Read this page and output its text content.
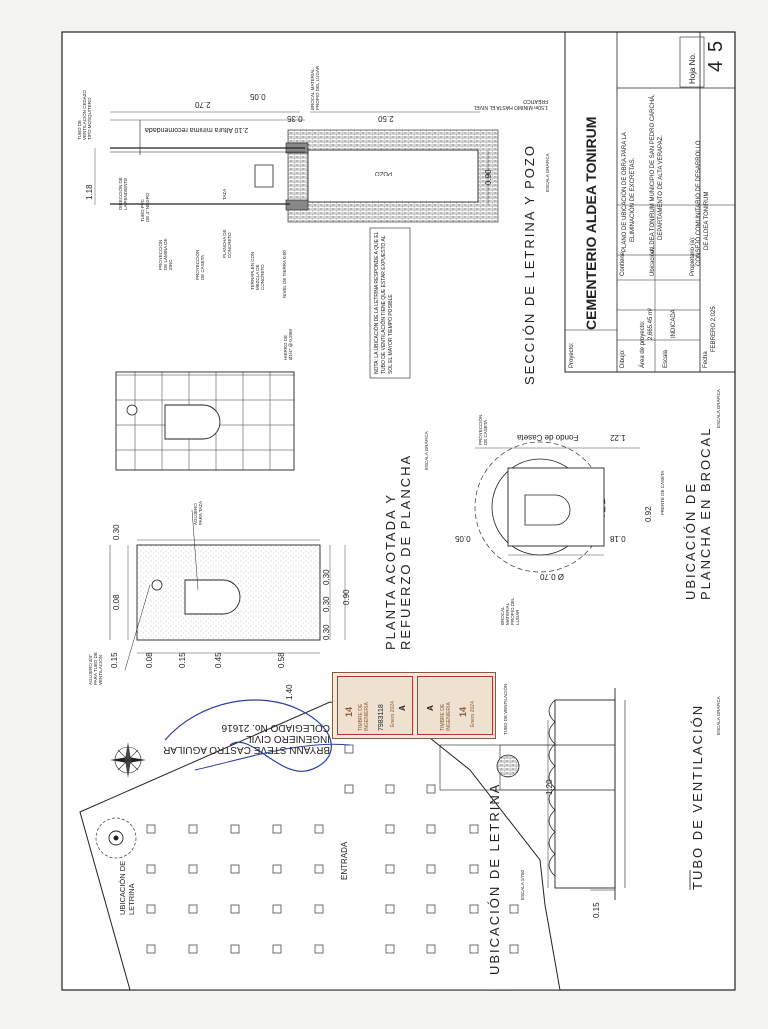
CEMENTERIO ALDEA TONIRUM
Proyecto:	Dibujo:
Contiene
PLANO DE UBICACIÓN DE OBRA PARA LA ELIMINACIÓN DE EXCRETAS.
Área de proyecto: 2,665.45 m²
Ubicación:
ALDEA TONIRUM MUNICIPIO DE SAN PEDRO CARCHÁ, DEPARTAMENTO DE ALTA VERAPAZ.
Escala
INDICADA
Propietario (a): CONSEJO COMUNITARIO DE DESARROLLO DE ALDEA TONIRUM
Fecha
FEBRERO 2,025
Hoja No. 4
5
UBICACIÓN DE LETRINA	ESCALA 1/750	TUBO DE VENTILACIÓN ESCALA GRÁFICA
PLANTA ACOTADA Y REFUERZO DE PLANCHA
ESCALA GRÁFICA
UBICACIÓN DE PLANCHA EN BROCAL
ESCALA GRÁFICA
SECCIÓN DE LETRINA Y POZO ESCALA GRÁFICA
ENTRADA
UBICACIÓN DE LETRINA
TUBO DE VENTILACIÓN
AGUJERO PARA TAZA
AGUJERO 3/4" PARA TUBO DE VENTILACIÓN
HIERRO DE Ø1/4" @ 0.20M
1.40
0.58
0.45
0.15
0.08
0.15
0.30
0.08
0.30
0.30
0.30
0.90
Fondo de Caseta	1.22
PROYECCIÓN DE CASETA
0.92 FRENTE DE CASETA
0.05	0.18
Ø 0.70
BROCAL MATERIAL PROPIO DEL LUGAR
POZO
2.10 Altura mínima recomendada
TUBO DE VENTILACIÓN CEDAZO TIPO MOSQUITERO
BROCAL MATERIAL PROPIO DEL LUGAR	1.50m MINIMO HASTA EL NIVEL FREATICO
PROYECCIÓN DE LÁMINA DE ZINC
DIRECCIÓN DE LA PENDIENTE
TUBO PVC DE 4" NEGRO
PROYECCIÓN DE CASETA
TAZA
PLANCHA DE CONCRETO
TERRAPLÉN CON MEZCLA DE CONCRETO	NIVEL DE TIERRA 0.00	NOTA: LA UBICACIÓN DE LA LETRINA RESPONDE A QUE EL TUBO DE VENTILACIÓN TIENE QUE ESTAR EXPUESTO AL SOL EL MAYOR TIEMPO POSIBLE
1.18
2.70
0.05
0.35	2.50
0.90
1.20
0.15
BRYANN STEVE CASTRO AGUILAR
INGENIERO CIVIL
COLEGIADO No. 21616	TIMBRE DE INGENIERIA
14	7983118 Enero 2024 A	TIMBRE DE INGENIERIA 14 Enero 2024
A
